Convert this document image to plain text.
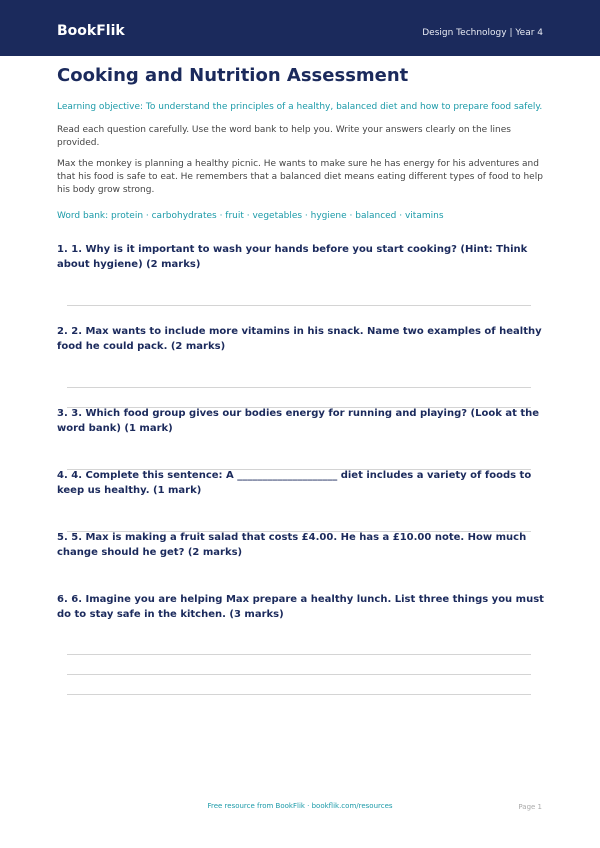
BookFlik	Design Technology | Year 4
Cooking and Nutrition Assessment
Learning objective: To understand the principles of a healthy, balanced diet and how to prepare food safely.

Read each question carefully. Use the word bank to help you. Write your answers clearly on the lines provided.

Max the monkey is planning a healthy picnic. He wants to make sure he has energy for his adventures and that his food is safe to eat. He remembers that a balanced diet means eating different types of food to help his body grow strong.

Word bank: protein · carbohydrates · fruit · vegetables · hygiene · balanced · vitamins
1. 1. Why is it important to wash your hands before you start cooking? (Hint: Think about hygiene) (2 marks)
2. 2. Max wants to include more vitamins in his snack. Name two examples of healthy food he could pack. (2 marks)
3. 3. Which food group gives our bodies energy for running and playing? (Look at the word bank) (1 mark)
4. 4. Complete this sentence: A ____________________ diet includes a variety of foods to keep us healthy. (1 mark)
5. 5. Max is making a fruit salad that costs £4.00. He has a £10.00 note. How much change should he get? (2 marks)
6. 6. Imagine you are helping Max prepare a healthy lunch. List three things you must do to stay safe in the kitchen. (3 marks)
Free resource from BookFlik · bookflik.com/resources	Page 1
